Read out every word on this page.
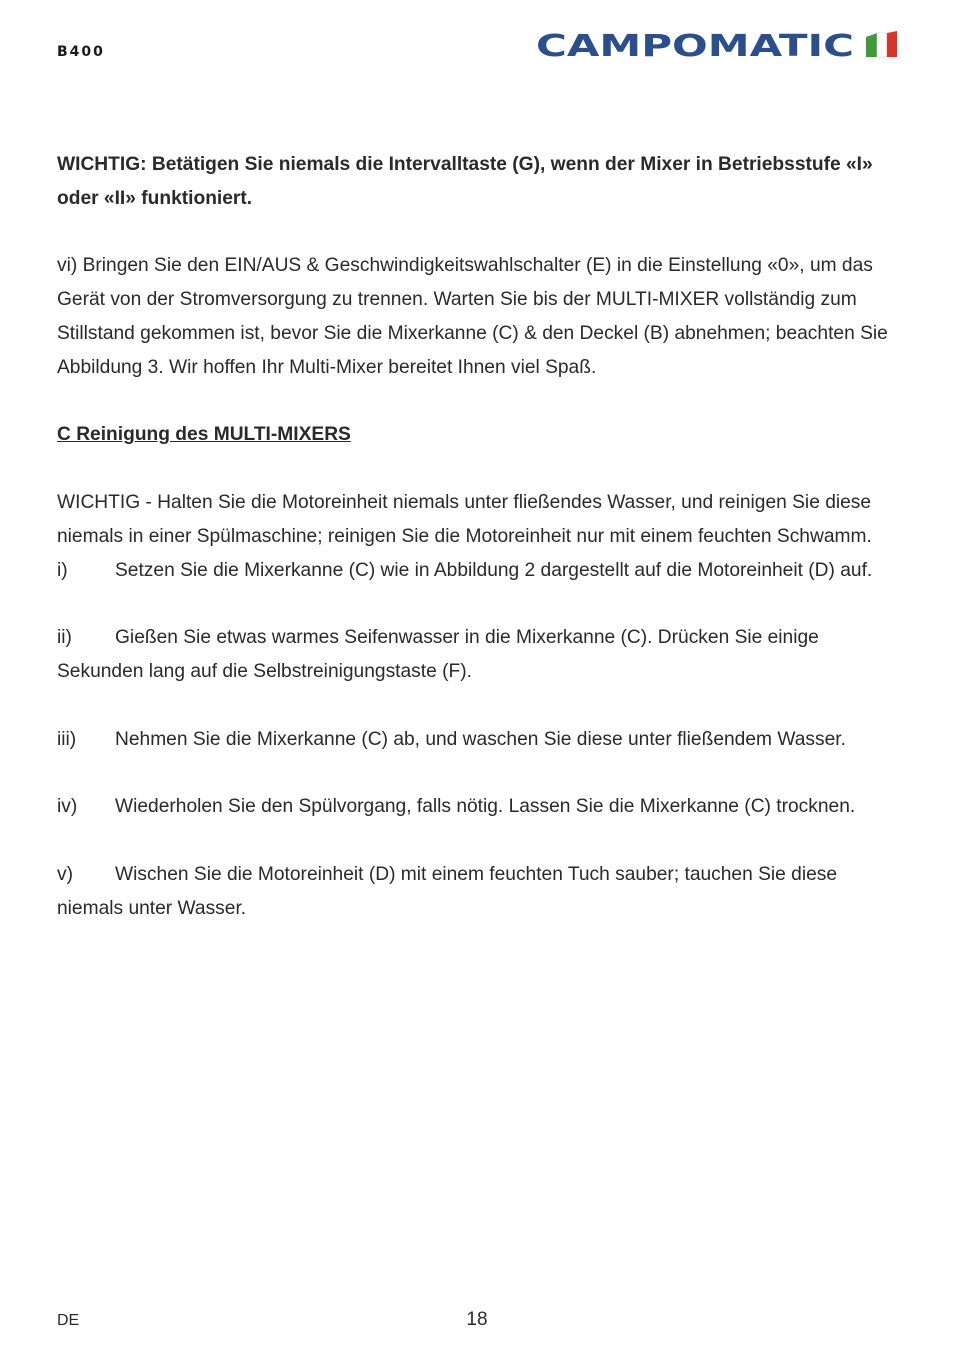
B400	CAMPOMATIC

WICHTIG: Betätigen Sie niemals die Intervalltaste (G), wenn der Mixer in Betriebsstufe «I» oder «II» funktioniert.

vi) Bringen Sie den EIN/AUS & Geschwindigkeitswahlschalter (E) in die Einstellung «0», um das Gerät von der Stromversorgung zu trennen. Warten Sie bis der MULTI-MIXER vollständig zum Stillstand gekommen ist, bevor Sie die Mixerkanne (C) & den Deckel (B) abnehmen; beachten Sie Abbildung 3. Wir hoffen Ihr Multi-Mixer bereitet Ihnen viel Spaß.

C Reinigung des MULTI-MIXERS

WICHTIG - Halten Sie die Motoreinheit niemals unter fließendes Wasser, und reinigen Sie diese niemals in einer Spülmaschine; reinigen Sie die Motoreinheit nur mit einem feuchten Schwamm.

i) Setzen Sie die Mixerkanne (C) wie in Abbildung 2 dargestellt auf die Motoreinheit (D) auf.

ii) Gießen Sie etwas warmes Seifenwasser in die Mixerkanne (C). Drücken Sie einige Sekunden lang auf die Selbstreinigungstaste (F).

iii) Nehmen Sie die Mixerkanne (C) ab, und waschen Sie diese unter fließendem Wasser.

iv) Wiederholen Sie den Spülvorgang, falls nötig. Lassen Sie die Mixerkanne (C) trocknen.

v) Wischen Sie die Motoreinheit (D) mit einem feuchten Tuch sauber; tauchen Sie diese niemals unter Wasser.

DE	18
